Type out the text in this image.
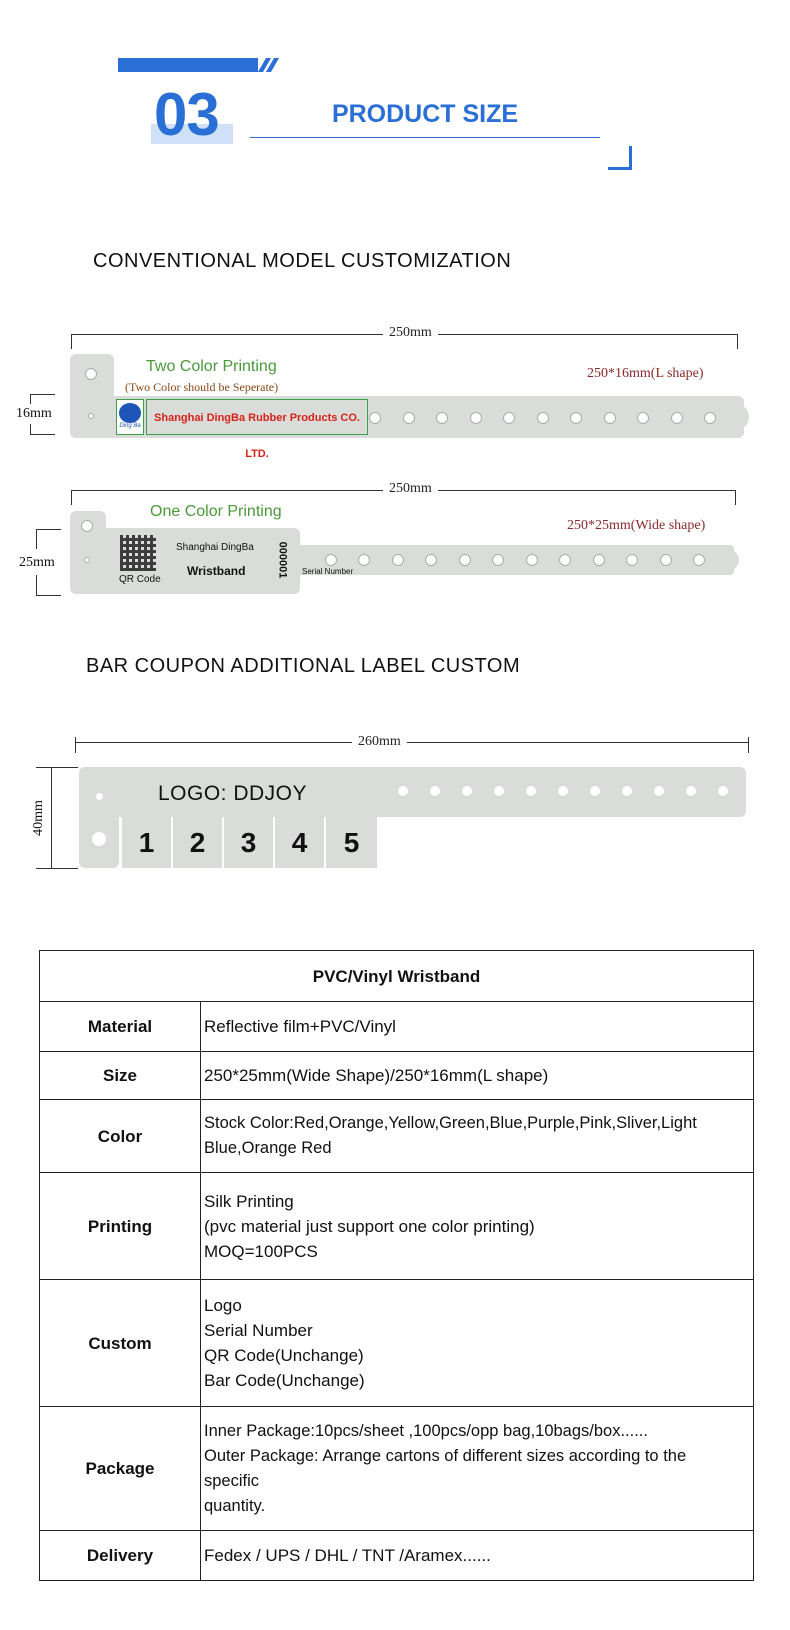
03	PRODUCT SIZE
CONVENTIONAL MODEL CUSTOMIZATION
250mm
16mm
Two Color Printing
(Two Color should be Seperate)
250*16mm(L shape)
Ding Ba
Shanghai DingBa Rubber Products CO. LTD.
250mm
25mm
One Color Printing
250*25mm(Wide shape)
QR Code
Shanghai DingBa
Wristband	000001 Serial Number
BAR COUPON ADDITIONAL LABEL CUSTOM
260mm
40mm
LOGO: DDJOY
1	2	3	4	5
PVC/Vinyl Wristband	
Material	Reflective film+PVC/Vinyl

Size	250*25mm(Wide Shape)/250*16mm(L shape)

Color	Stock Color:Red,Orange,Yellow,Green,Blue,Purple,Pink,Sliver,Light
Blue,Orange Red

Printing	Silk Printing
(pvc material just support one color printing)
MOQ=100PCS

Custom	Logo
Serial Number
QR Code(Unchange)
Bar Code(Unchange)

Package	Inner Package:10pcs/sheet ,100pcs/opp bag,10bags/box......
Outer Package: Arrange cartons of different sizes according to the
specific
quantity.

Delivery	Fedex / UPS / DHL / TNT /Aramex......
